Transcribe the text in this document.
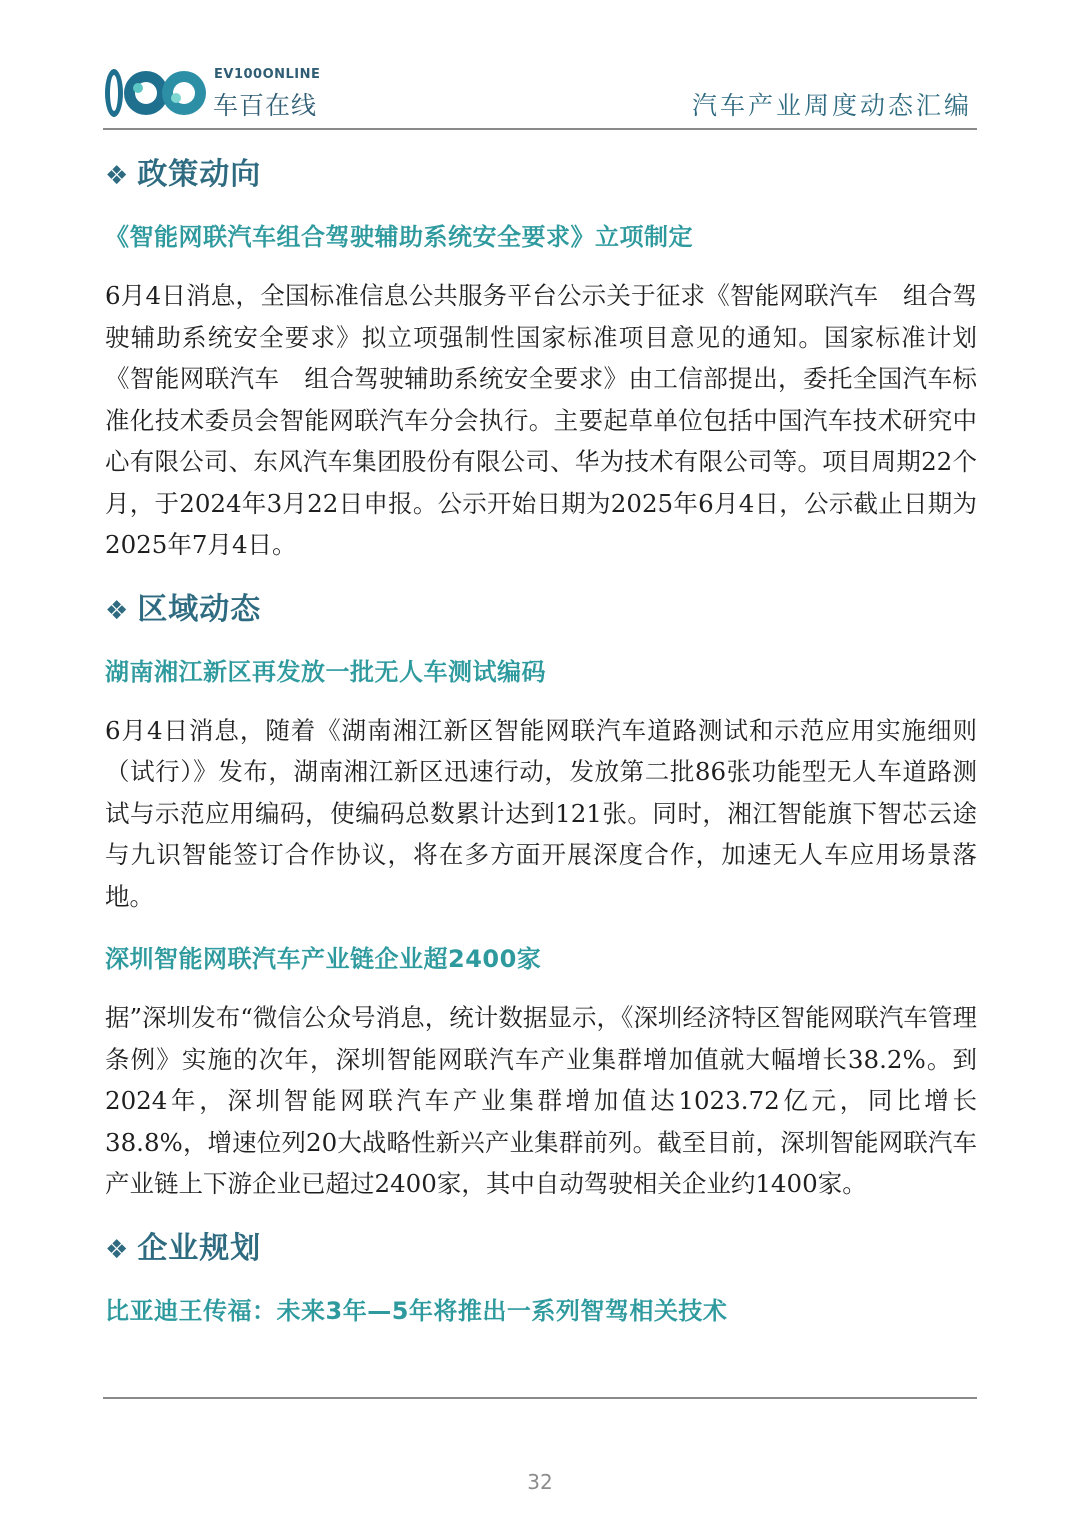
EV100ONLINE
车百在线	汽车产业周度动态汇编
❖ 政策动向

《智能网联汽车组合驾驶辅助系统安全要求》立项制定

6月4日消息，全国标准信息公共服务平台公示关于征求《智能网联汽车　组合驾驶辅助系统安全要求》拟立项强制性国家标准项目意见的通知。国家标准计划《智能网联汽车　组合驾驶辅助系统安全要求》由工信部提出，委托全国汽车标准化技术委员会智能网联汽车分会执行。主要起草单位包括中国汽车技术研究中心有限公司、东风汽车集团股份有限公司、华为技术有限公司等。项目周期22个月，于2024年3月22日申报。公示开始日期为2025年6月4日，公示截止日期为2025年7月4日。

❖ 区域动态

湖南湘江新区再发放一批无人车测试编码

6月4日消息，随着《湖南湘江新区智能网联汽车道路测试和示范应用实施细则（试行）》发布，湖南湘江新区迅速行动，发放第二批86张功能型无人车道路测试与示范应用编码，使编码总数累计达到121张。同时，湘江智能旗下智芯云途与九识智能签订合作协议，将在多方面开展深度合作，加速无人车应用场景落地。

深圳智能网联汽车产业链企业超2400家

据”深圳发布“微信公众号消息，统计数据显示，《深圳经济特区智能网联汽车管理条例》实施的次年，深圳智能网联汽车产业集群增加值就大幅增长38.2%。到2024年，深圳智能网联汽车产业集群增加值达1023.72亿元，同比增长38.8%，增速位列20大战略性新兴产业集群前列。截至目前，深圳智能网联汽车产业链上下游企业已超过2400家，其中自动驾驶相关企业约1400家。

❖ 企业规划

比亚迪王传福：未来3年—5年将推出一系列智驾相关技术

32
